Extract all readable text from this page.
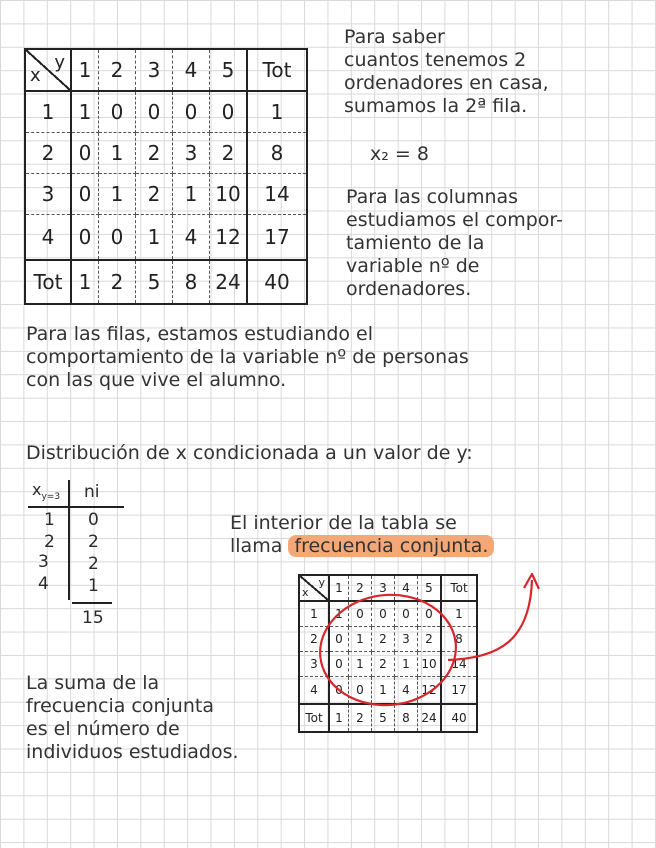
x
y	1	2	3	4	5	Tot
1	1	0	0	0	0	1
2	0	1	2	3	2	8
3	0	1	2	1	10	14
4	0	0	1	4	12	17
Tot	1	2	5	8	24	40
Para saber
cuantos tenemos 2
ordenadores en casa,
sumamos la 2ª fila.
x₂ = 8
Para las columnas
estudiamos el compor-
tamiento de la
variable nº de
ordenadores.
Para las filas, estamos estudiando el
comportamiento de la variable nº de personas
con las que vive el alumno.
Distribución de x condicionada a un valor de y:
$x_{y=3}$ ni
1 0
2 2
3 2
4 1
15
El interior de la tabla se
llama frecuencia conjunta.
x
y	1	2	3	4	5	Tot
1	1	0	0	0	0	1
2	0	1	2	3	2	8
3	0	1	2	1	10	14
4	0	0	1	4	12	17
Tot	1	2	5	8	24	40
La suma de la
frecuencia conjunta
es el número de
individuos estudiados.
